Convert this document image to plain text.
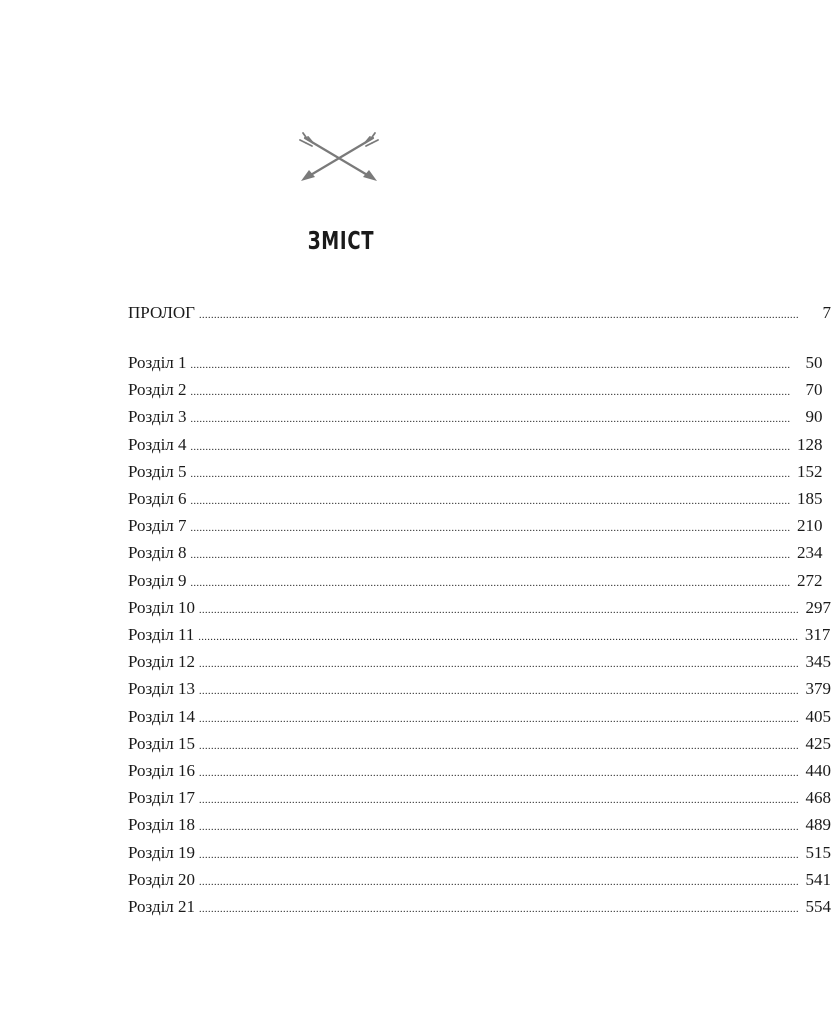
ЗМІСТ
ПРОЛОГ ........................................................................................................................................................................................................	7
Розділ 1 ........................................................................................................................................................................................................ 50
Розділ 2 ........................................................................................................................................................................................................ 70
Розділ 3 ........................................................................................................................................................................................................ 90
Розділ 4 ........................................................................................................................................................................................................ 128
Розділ 5 ........................................................................................................................................................................................................ 152
Розділ 6 ........................................................................................................................................................................................................ 185
Розділ 7 ........................................................................................................................................................................................................ 210
Розділ 8 ........................................................................................................................................................................................................ 234
Розділ 9 ........................................................................................................................................................................................................ 272
Розділ 10 ........................................................................................................................................................................................................ 297
Розділ 11 ........................................................................................................................................................................................................ 317
Розділ 12 ........................................................................................................................................................................................................ 345
Розділ 13 ........................................................................................................................................................................................................ 379
Розділ 14 ........................................................................................................................................................................................................ 405
Розділ 15 ........................................................................................................................................................................................................ 425
Розділ 16 ........................................................................................................................................................................................................ 440
Розділ 17 ........................................................................................................................................................................................................ 468
Розділ 18 ........................................................................................................................................................................................................ 489
Розділ 19 ........................................................................................................................................................................................................ 515
Розділ 20 ........................................................................................................................................................................................................ 541
Розділ 21 ........................................................................................................................................................................................................ 554
